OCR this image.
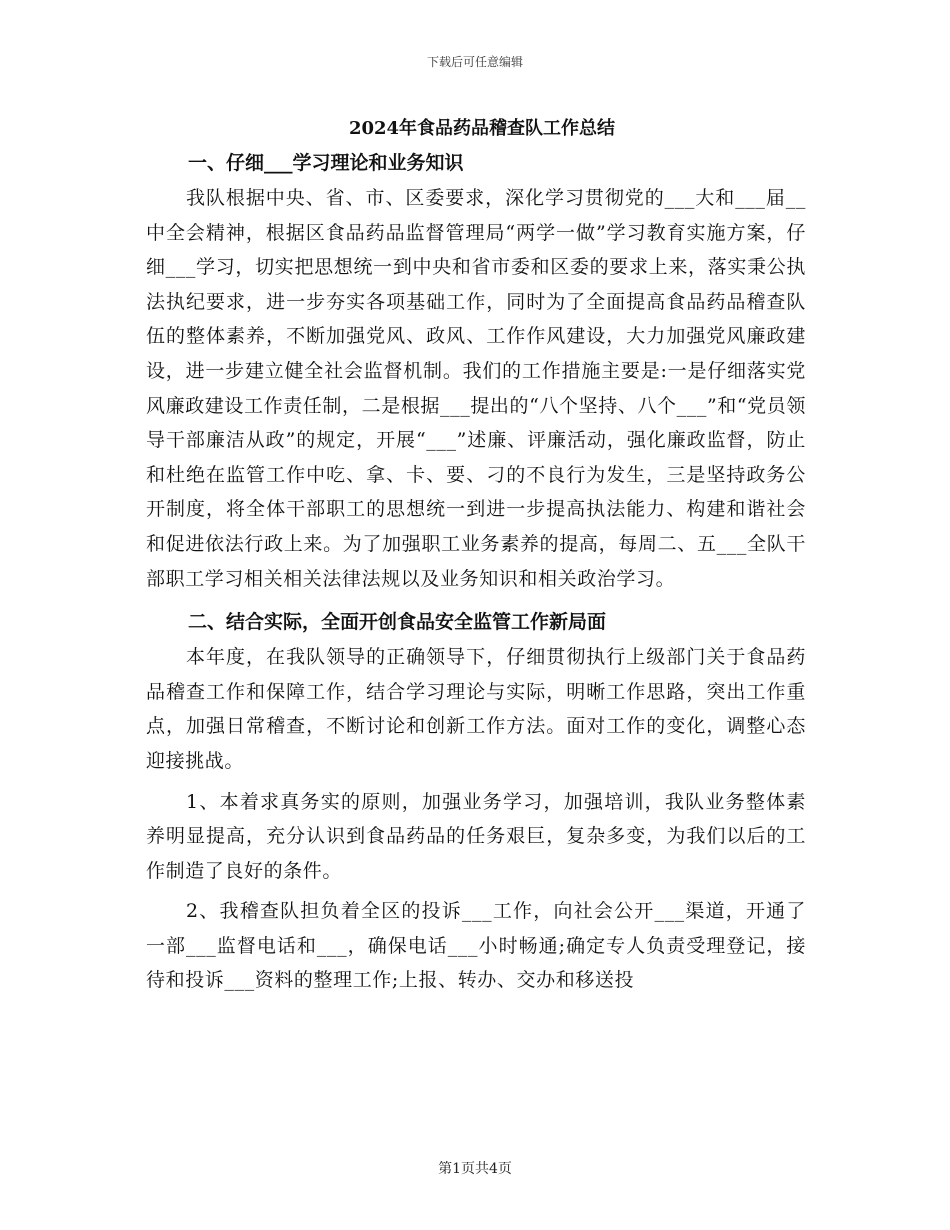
下载后可任意编辑
2024年食品药品稽查队工作总结
一、仔细___学习理论和业务知识

我队根据中央、省、市、区委要求，深化学习贯彻党的___大和___届__中全会精神，根据区食品药品监督管理局“两学一做”学习教育实施方案，仔细___学习，切实把思想统一到中央和省市委和区委的要求上来，落实秉公执法执纪要求，进一步夯实各项基础工作，同时为了全面提高食品药品稽查队伍的整体素养，不断加强党风、政风、工作作风建设，大力加强党风廉政建设，进一步建立健全社会监督机制。我们的工作措施主要是:一是仔细落实党风廉政建设工作责任制，二是根据___提出的“八个坚持、八个___”和“党员领导干部廉洁从政”的规定，开展“___”述廉、评廉活动，强化廉政监督，防止和杜绝在监管工作中吃、拿、卡、要、刁的不良行为发生，三是坚持政务公开制度，将全体干部职工的思想统一到进一步提高执法能力、构建和谐社会和促进依法行政上来。为了加强职工业务素养的提高，每周二、五___全队干部职工学习相关相关法律法规以及业务知识和相关政治学习。

二、结合实际，全面开创食品安全监管工作新局面

本年度，在我队领导的正确领导下，仔细贯彻执行上级部门关于食品药品稽查工作和保障工作，结合学习理论与实际，明晰工作思路，突出工作重点，加强日常稽查，不断讨论和创新工作方法。面对工作的变化，调整心态迎接挑战。

1、本着求真务实的原则，加强业务学习，加强培训，我队业务整体素养明显提高，充分认识到食品药品的任务艰巨，复杂多变，为我们以后的工作制造了良好的条件。

2、我稽查队担负着全区的投诉___工作，向社会公开___渠道，开通了一部___监督电话和___，确保电话___小时畅通;确定专人负责受理登记，接待和投诉___资料的整理工作;上报、转办、交办和移送投

第1页共4页
